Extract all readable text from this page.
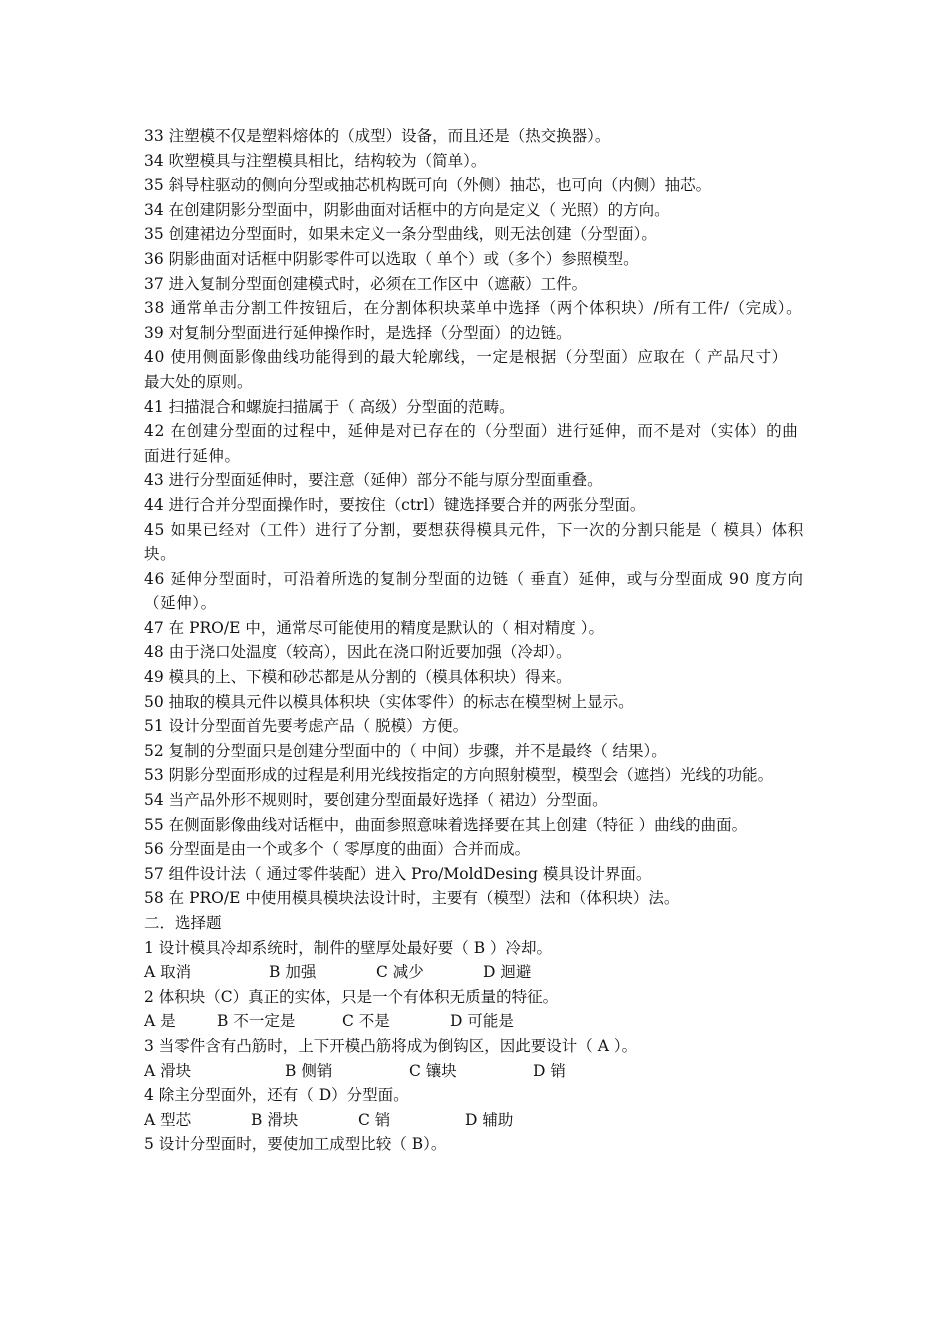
33 注塑模不仅是塑料熔体的（成型）设备，而且还是（热交换器）。
34 吹塑模具与注塑模具相比，结构较为（简单）。
35 斜导柱驱动的侧向分型或抽芯机构既可向（外侧）抽芯，也可向（内侧）抽芯。
34 在创建阴影分型面中，阴影曲面对话框中的方向是定义（ 光照）的方向。
35 创建裙边分型面时，如果未定义一条分型曲线，则无法创建（分型面）。
36 阴影曲面对话框中阴影零件可以选取（ 单个）或（多个）参照模型。
37 进入复制分型面创建模式时，必须在工作区中（遮蔽）工件。
38 通常单击分割工件按钮后，在分割体积块菜单中选择（两个体积块）/所有工件/（完成）。
39 对复制分型面进行延伸操作时，是选择（分型面）的边链。
40 使用侧面影像曲线功能得到的最大轮廓线，一定是根据（分型面）应取在（ 产品尺寸）
最大处的原则。
41 扫描混合和螺旋扫描属于（ 高级）分型面的范畴。
42 在创建分型面的过程中，延伸是对已存在的（分型面）进行延伸，而不是对（实体）的曲面进行延伸。
43 进行分型面延伸时，要注意（延伸）部分不能与原分型面重叠。
44 进行合并分型面操作时，要按住（ctrl）键选择要合并的两张分型面。
45 如果已经对（工件）进行了分割，要想获得模具元件，下一次的分割只能是（ 模具）体积块。
46 延伸分型面时，可沿着所选的复制分型面的边链（ 垂直）延伸，或与分型面成 90 度方向（延伸）。
47 在 PRO/E 中，通常尽可能使用的精度是默认的（ 相对精度 ）。
48 由于浇口处温度（较高），因此在浇口附近要加强（冷却）。
49 模具的上、下模和砂芯都是从分割的（模具体积块）得来。
50 抽取的模具元件以模具体积块（实体零件）的标志在模型树上显示。
51 设计分型面首先要考虑产品（ 脱模）方便。
52 复制的分型面只是创建分型面中的（ 中间）步骤，并不是最终（ 结果）。
53 阴影分型面形成的过程是利用光线按指定的方向照射模型，模型会（遮挡）光线的功能。
54 当产品外形不规则时，要创建分型面最好选择（ 裙边）分型面。
55 在侧面影像曲线对话框中，曲面参照意味着选择要在其上创建（特征 ）曲线的曲面。
56 分型面是由一个或多个（ 零厚度的曲面）合并而成。
57 组件设计法（ 通过零件装配）进入 Pro/MoldDesing 模具设计界面。
58 在 PRO/E 中使用模具模块法设计时，主要有（模型）法和（体积块）法。
二．选择题
1 设计模具冷却系统时，制件的壁厚处最好要（ B ）冷却。
A 取消	B 加强	C 减少	D 迴避
2 体积块（C）真正的实体，只是一个有体积无质量的特征。
A 是	B 不一定是	C 不是	D 可能是
3 当零件含有凸筋时，上下开模凸筋将成为倒钩区，因此要设计（ A ）。
A 滑块	B 侧销	C 镶块	D 销
4 除主分型面外，还有（ D）分型面。
A 型芯	B 滑块	C 销	D 辅助
5 设计分型面时，要使加工成型比较（ B）。
